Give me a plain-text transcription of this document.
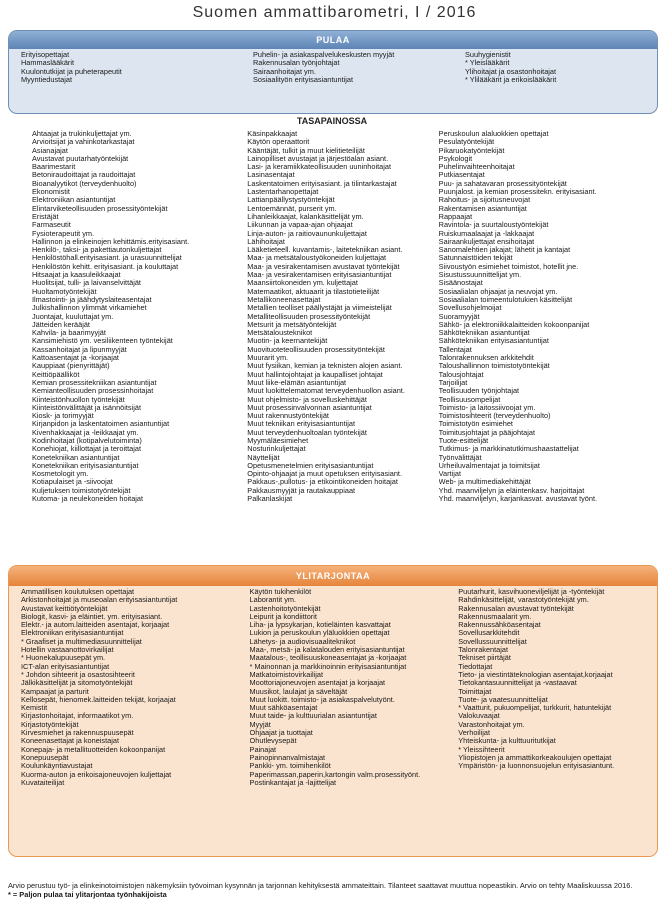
Suomen ammattibarometri, I / 2016
PULAA
Erityisopettajat
Hammaslääkärit
Kuulontutkijat ja puheterapeutit
Myyntiedustajat
Puhelin- ja asiakaspalvelukeskusten myyjät
Rakennusalan työnjohtajat
Sairaanhoitajat ym.
Sosiaalityön erityisasiantuntijat
Suuhygienistit
* Yleislääkärit
Ylihoitajat ja osastonhoitajat
* Ylilääkärit ja erikoislääkärit
TASAPAINOSSA
Ahtaajat ja trukinkuljettajat ym.
Arvioitsijat ja vahinkotarkastajat
Asianajajat
Avustavat puutarhatyöntekijät
Baarimestarit
Betoniraudoittajat ja raudoittajat
Bioanalyytikot (terveydenhuolto)
Ekonomistit
Elektroniikan asiantuntijat
Elintarviketeollisuuden prosessityöntekijät
Eristäjät
Farmaseutit
Fysioterapeutit ym.
Hallinnon ja elinkeinojen kehittämis.erityisasiant.
Henkilö-, taksi- ja pakettiautonkuljettajat
Henkilöstöhall.erityisasiant. ja urasuunnittelijat
Henkilöstön kehitt. erityisasiant. ja kouluttajat
Hitsaajat ja kaasuleikkaajat
Huolitsijat, tulli- ja laivanselvittäjät
Huoltamotyöntekijät
Ilmastointi- ja jäähdytyslaiteasentajat
Julkishallinnon ylimmät virkamiehet
Juontajat, kuuluttajat ym.
Jätteiden kerääjät
Kahvila- ja baarimyyjät
Kansimiehistö ym. vesiliikenteen työntekijät
Kassanhoitajat ja lipunmyyjät
Kattoasentajat ja -korjaajat
Kauppiaat (pienyrittäjät)
Keittiöpäälliköt
Kemian prosessitekniikan asiantuntijat
Kemianteollisuuden prosessinhoitajat
Kiinteistönhuollon työntekijät
Kiinteistönvälittäjät ja isännöitsijät
Kiosk- ja torimyyjät
Kirjanpidon ja laskentatoimen asiantuntijat
Kivenhakkaajat ja -leikkaajat ym.
Kodinhoitajat (kotipalvelutoiminta)
Konehiojat, kiillottajat ja teroittajat
Konetekniikan asiantuntijat
Konetekniikan erityisasiantuntijat
Kosmetologit ym.
Kotiapulaiset ja -siivoojat
Kuljetuksen toimistotyöntekijät
Kutoma- ja neulekoneiden hoitajat
Käsinpakkaajat
Käytön operaattorit
Kääntäjät, tulkit ja muut kielitieteilijät
Lainopilliset avustajat ja järjestöalan asiant.
Lasi- ja keramiikkateollisuuden uuninhoitajat
Lasinasentajat
Laskentatoimen erityisasiant. ja tilintarkastajat
Lastentarhanopettajat
Lattianpäällystystyöntekijät
Lentoemännät, purserit ym.
Lihanleikkaajat, kalankäsittelijät ym.
Liikunnan ja vapaa-ajan ohjaajat
Linja-auton- ja raitiovaununkuljettajat
Lähihoitajat
Lääketieteell. kuvantamis-, laitetekniikan asiant.
Maa- ja metsätaloustyökoneiden kuljettajat
Maa- ja vesirakentamisen avustavat työntekijät
Maa- ja vesirakentamisen erityisasiantuntijat
Maansiirtokoneiden ym. kuljettajat
Matemaatikot, aktuaarit ja tilastotieteilijät
Metallikoneenasettajat
Metallien teolliset päällystäjät ja viimeistelijät
Metalliteollisuuden prosessityöntekijät
Metsurit ja metsätyöntekijät
Metsätalousteknikot
Muotin- ja keernantekijät
Muovituoteteollisuuden prosessityöntekijät
Muurarit ym.
Muut fysiikan, kemian ja teknisten alojen asiant.
Muut hallintojohtajat ja kaupalliset johtajat
Muut liike-elämän asiantuntijat
Muut luokittelematomat terveydenhuollon asiant.
Muut ohjelmisto- ja sovelluskehittäjät
Muut prosessinvalvonnan asiantuntijat
Muut rakennustyöntekijät
Muut tekniikan erityisasiantuntijat
Muut terveydenhuoltoalan työntekijät
Myymäläesimiehet
Nosturinkuljettajat
Näyttelijät
Opetusmenetelmien erityisasiantuntijat
Opinto-ohjaajat ja muut opetuksen erityisasiant.
Pakkaus-,pullotus- ja etikointikoneiden hoitajat
Pakkausmyyjät ja rautakauppiaat
Palkanlaskijat
Peruskoulun alaluokkien opettajat
Pesulatyöntekijät
Pikaruokatyöntekijät
Psykologit
Puhelinvaihteenhoitajat
Putkiasentajat
Puu- ja sahatavaran prosessityöntekijät
Puunjalost. ja kemian prosessitekn. erityisasiant.
Rahoitus- ja sijoitusneuvojat
Rakentamisen asiantuntijat
Rappaajat
Ravintola- ja suurtaloustyöntekijät
Ruiskumaalaajat ja -lakkaajat
Sairaankuljettajat ensihoitajat
Sanomalehtien jakajat; lähetit ja kantajat
Satunnaistöiden tekijät
Siivoustyön esimiehet toimistot, hotellit jne.
Sisustussuunnittelijat ym.
Sisäänostajat
Sosiaalialan ohjaajat ja neuvojat ym.
Sosiaalialan toimeentulotukien käsittelijät
Sovellusohjelmoijat
Suoramyyjät
Sähkö- ja elektroniikkalaitteiden kokoonpanijat
Sähkötekniikan asiantuntijat
Sähkötekniikan erityisasiantuntijat
Tallentajat
Talonrakennuksen arkkitehdit
Taloushallinnon toimistotyöntekijät
Talousjohtajat
Tarjoilijat
Teollisuuden työnjohtajat
Teollisuusompelijat
Toimisto- ja laitossiivoojat ym.
Toimistosihteerit (terveydenhuolto)
Toimistotyön esimiehet
Toimitusjohtajat ja pääjohtajat
Tuote-esittelijät
Tutkimus- ja markkinatutkimushaastattelijat
Työnvälittäjät
Urheiluvalmentajat ja toimitsijat
Vartijat
Web- ja multimediakehittäjät
Yhd. maanviljelyn ja eläintenkasv. harjoittajat
Yhd. maanviljelyn, karjankasvat. avustavat työnt.
YLITARJONTAA
Ammatillisen koulutuksen opettajat
Arkistonhoitajat ja museoalan erityisasiantuntijat
Avustavat keittiötyöntekijät
Biologit, kasvi- ja eläintiet. ym. erityisasiant.
Elektr.- ja autom.laitteiden asentajat, korjaajat
Elektroniikan erityisasiantuntijat
* Graafiset ja multimediasuunnittelijat
Hotellin vastaanottovirkailijat
* Huonekalupuusepät ym.
ICT-alan erityisasiantuntijat
* Johdon sihteerit ja osastosihteerit
Jälkikäsittelijät ja sitomotyöntekijät
Kampaajat ja parturit
Kellosepät, hienomek.laitteiden tekijät, korjaajat
Kemistit
Kirjastonhoitajat, informaatikot ym.
Kirjastotyöntekijät
Kirvesmiehet ja rakennuspuusepät
Koneenasettajat ja koneistajat
Konepaja- ja metallituotteiden kokoonpanijat
Konepuusepät
Koulunkäyntiavustajat
Kuorma-auton ja erikoisajoneuvojen kuljettajat
Kuvataiteilijat
Käytön tukihenkilöt
Laborantit ym.
Lastenhoitotyöntekijät
Leipurit ja kondiittorit
Liha- ja lypsykarjan, kotieläinten kasvattajat
Lukion ja peruskoulun yläluokkien opettajat
Lähetys- ja audiovisuaaliteknikot
Maa-, metsä- ja kalatalouden erityisasiantuntijat
Maatalous-, teollisuuskoneasentajat ja -korjaajat
* Mainonnan ja markkinoinnin erityisasiantuntijat
Matkatoimistovirkailijat
Moottoriajoneuvojen asentajat ja korjaajat
Muusikot, laulajat ja säveltäjät
Muut luokitt. toimisto- ja asiakaspalvelutyönt.
Muut sähköasentajat
Muut taide- ja kulttuurialan asiantuntijat
Myyjät
Ohjaajat ja tuottajat
Ohutlevysepät
Painajat
Painopinnanvalmistajat
Pankki- ym. toimihenkilöt
Paperimassan,paperin,kartongin valm.prosessityönt.
Postinkantajat ja -lajittelijat
Puutarhurit, kasvihuoneviljelijät ja -työntekijät
Rahdinkäsittelijät, varastotyöntekijät ym.
Rakennusalan avustavat työntekijät
Rakennusmaalarit ym.
Rakennussähköasentajat
Sovellusarkkitehdit
Sovellussuunnittelijat
Talonrakentajat
Tekniset piirtäjät
Tiedottajat
Tieto- ja viestintäteknologian asentajat,korjaajat
Tietokantasuunnittelijat ja -vastaavat
Toimittajat
Tuote- ja vaatesuunnittelijat
* Vaatturit, pukuompelijat, turkkurit, hatuntekijät
Valokuvaajat
Varastonhoitajat ym.
Verhoilijat
Yhteiskunta- ja kulttuuritutkijat
* Yleissihteerit
Yliopistojen ja ammattikorkeakoulujen opettajat
Ympäristön- ja luonnonsuojelun erityisasiantunt.
Arvio perustuu työ- ja elinkeinotoimistojen näkemyksiin työvoiman kysynnän ja tarjonnan kehityksestä ammateittain. Tilanteet saattavat muuttua nopeastikin. Arvio on tehty Maaliskuussa 2016.
* = Paljon pulaa tai ylitarjontaa työnhakijoista
